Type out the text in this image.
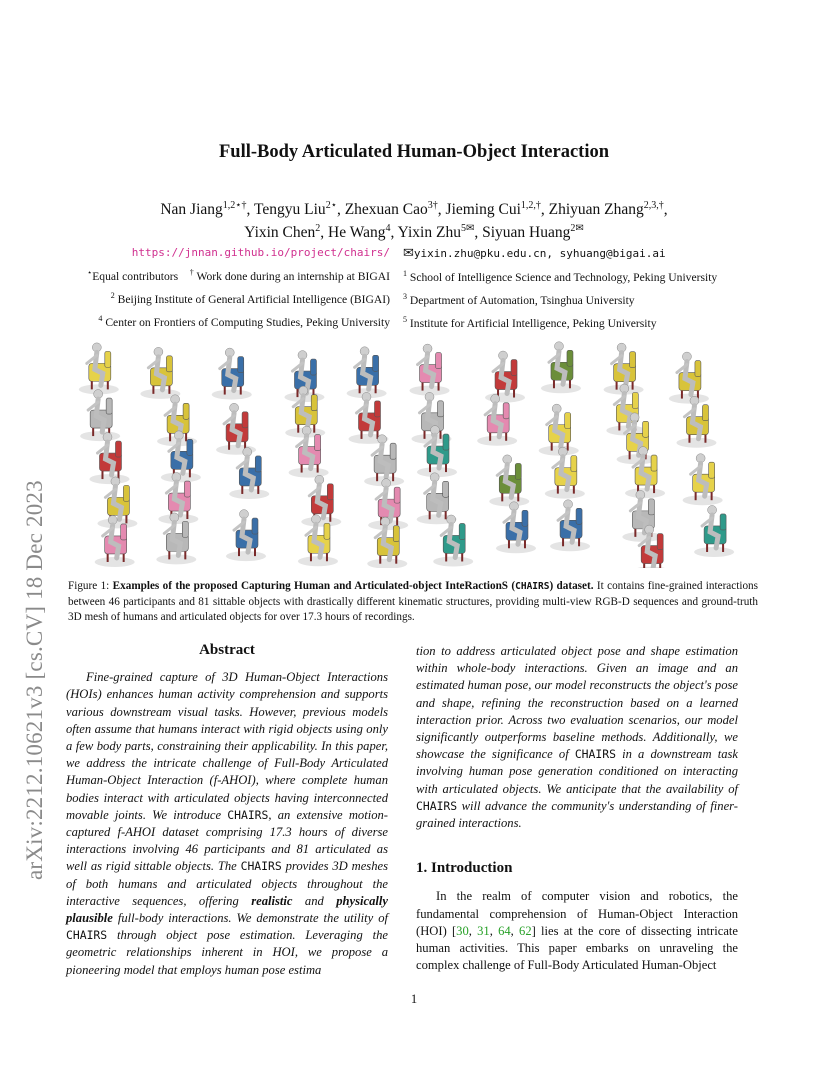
arXiv:2212.10621v3 [cs.CV] 18 Dec 2023
Full-Body Articulated Human-Object Interaction
Nan Jiang$^{1,2⋆\dagger}$, Tengyu Liu$^{2⋆}$, Zhexuan Cao$^{3\dagger}$, Jieming Cui$^{1,2,\dagger}$, Zhiyuan Zhang$^{2,3,\dagger}$,
Yixin Chen$^2$, He Wang$^4$, Yixin Zhu$^{5✉}$, Siyuan Huang$^{2✉}$
https://jnnan.github.io/project/chairs/
⋆Equal contributors † Work done during an internship at BIGAI
$^2$ Beijing Institute of General Artificial Intelligence (BIGAI)
$^4$ Center on Frontiers of Computing Studies, Peking University
✉yixin.zhu@pku.edu.cn, syhuang@bigai.ai
$^1$ School of Intelligence Science and Technology, Peking University
$^3$ Department of Automation, Tsinghua University
$^5$ Institute for Artificial Intelligence, Peking University
Figure 1: Examples of the proposed Capturing Human and Articulated-object InteRactionS (CHAIRS) dataset. It contains fine-grained interactions between 46 participants and 81 sittable objects with drastically different kinematic structures, providing multi-view RGB-D sequences and ground-truth 3D mesh of humans and articulated objects for over 17.3 hours of recordings.
Abstract

Fine-grained capture of 3D Human-Object Interactions (HOIs) enhances human activity comprehension and supports various downstream visual tasks. However, previous models often assume that humans interact with rigid objects using only a few body parts, constraining their applicability. In this paper, we address the intricate challenge of Full-Body Articulated Human-Object Interaction (f-AHOI), where complete human bodies interact with articulated objects having interconnected movable joints. We introduce CHAIRS, an extensive motion-captured f-AHOI dataset comprising 17.3 hours of diverse interactions involving 46 participants and 81 articulated as well as rigid sittable objects. The CHAIRS provides 3D meshes of both humans and articulated objects throughout the interactive sequences, offering realistic and physically plausible full-body interactions. We demonstrate the utility of CHAIRS through object pose estimation. Leveraging the geometric relationships inherent in HOI, we propose a pioneering model that employs human pose estima

tion to address articulated object pose and shape estimation within whole-body interactions. Given an image and an estimated human pose, our model reconstructs the object's pose and shape, refining the reconstruction based on a learned interaction prior. Across two evaluation scenarios, our model significantly outperforms baseline methods. Additionally, we showcase the significance of CHAIRS in a downstream task involving human pose generation conditioned on interacting with articulated objects. We anticipate that the availability of CHAIRS will advance the community's understanding of finer-grained interactions.

1. Introduction

In the realm of computer vision and robotics, the fundamental comprehension of Human-Object Interaction (HOI) [30, 31, 64, 62] lies at the core of dissecting intricate human activities. This paper embarks on unraveling the complex challenge of Full-Body Articulated Human-Object

1
